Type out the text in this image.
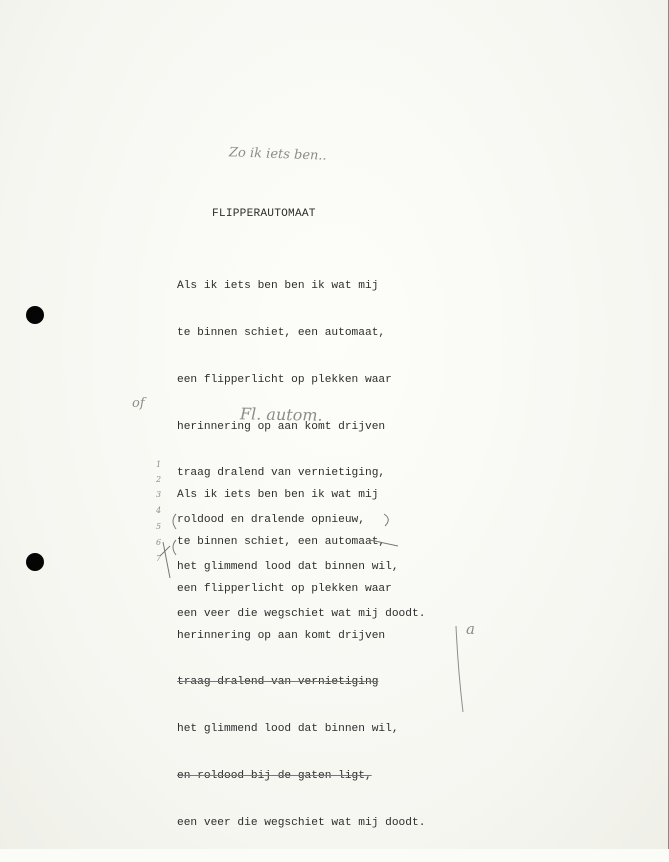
Zo ik iets ben..
FLIPPERAUTOMAAT

Als ik iets ben ben ik wat mij

te binnen schiet, een automaat,

een flipperlicht op plekken waar

herinnering op aan komt drijven

traag dralend van vernietiging,

roldood en dralende opnieuw,

het glimmend lood dat binnen wil,

een veer die wegschiet wat mij doodt.

of
Fl. autom.
1
2
3
4
5
6
7

Als ik iets ben ben ik wat mij

te binnen schiet, een automaat,

een flipperlicht op plekken waar

herinnering op aan komt drijven

traag dralend van vernietiging

het glimmend lood dat binnen wil,

en roldood bij de gaten ligt,

een veer die wegschiet wat mij doodt.

a
